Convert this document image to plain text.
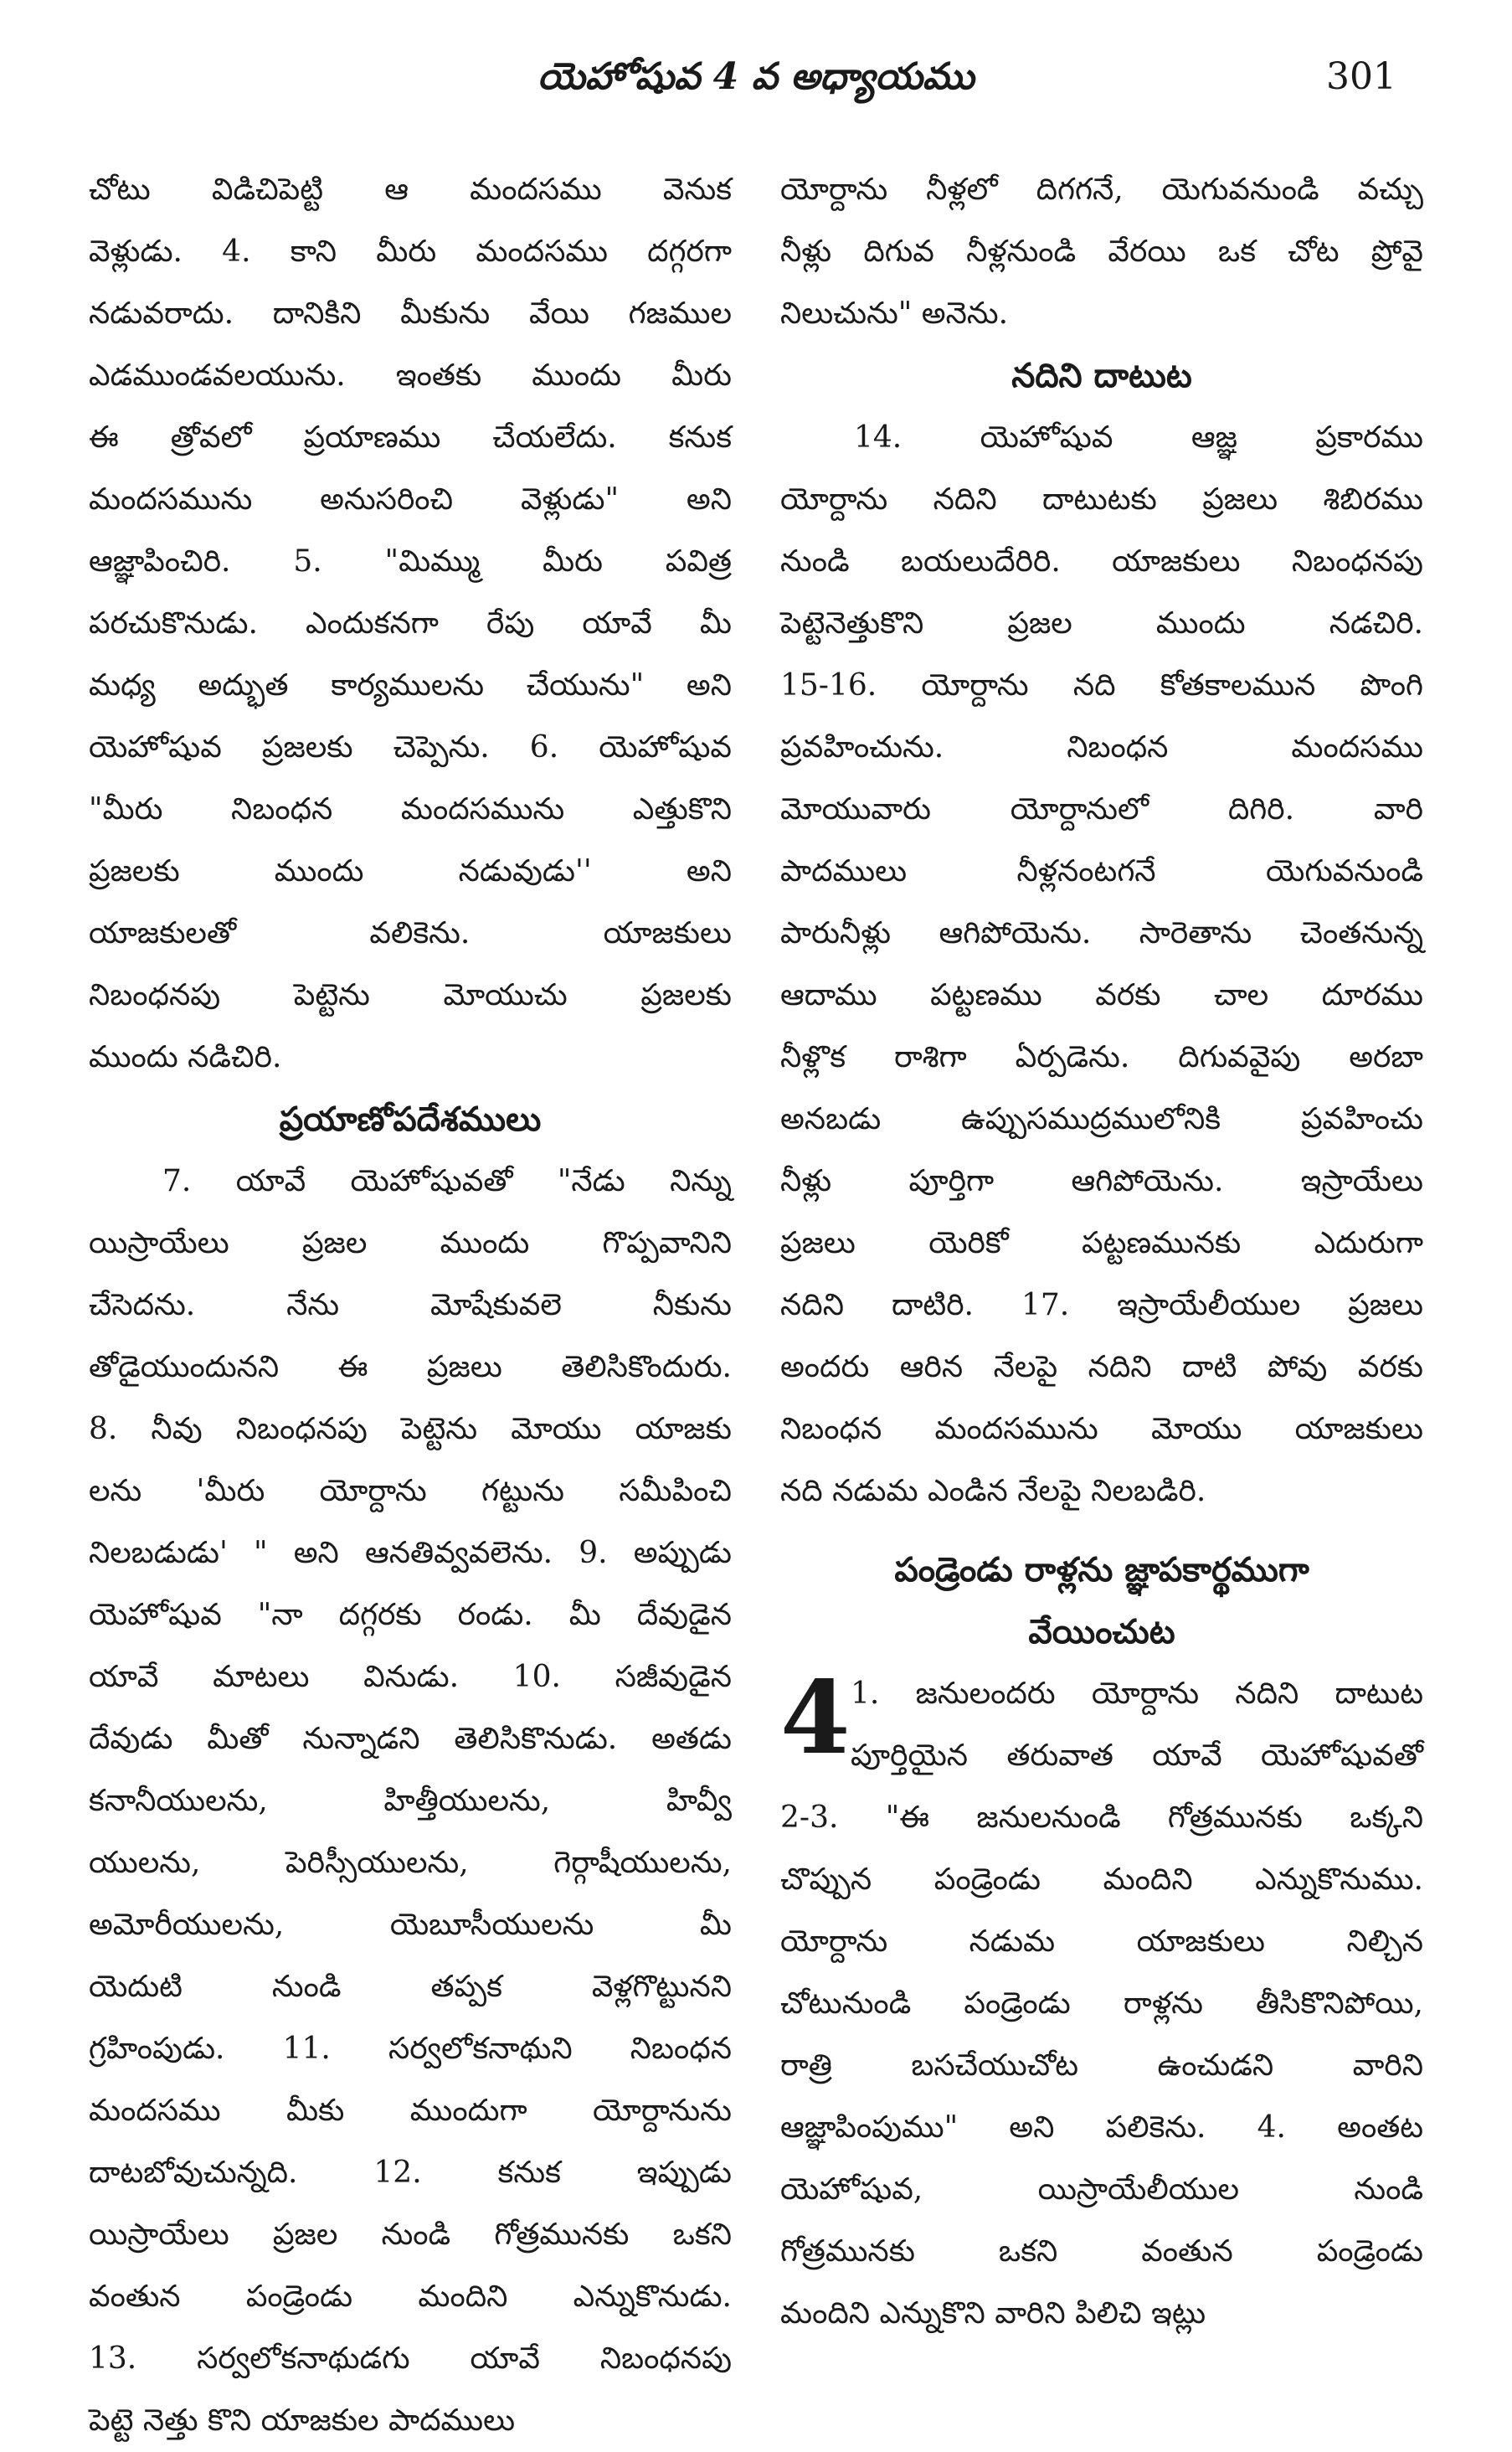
యెహోషువ 4 వ అధ్యాయము	301
చోటు విడిచిపెట్టి ఆ మందసము వెనుక
వెళ్లుడు. 4. కాని మీరు మందసము దగ్గరగా
నడువరాదు. దానికిని మీకును వేయి గజముల
ఎడముండవలయును. ఇంతకు ముందు మీరు
ఈ త్రోవలో ప్రయాణము చేయలేదు. కనుక
మందసమును అనుసరించి వెళ్లుడు" అని
ఆజ్ఞాపించిరి. 5. "మిమ్ము మీరు పవిత్ర
పరచుకొనుడు. ఎందుకనగా రేపు యావే మీ
మధ్య అద్భుత కార్యములను చేయును" అని
యెహోషువ ప్రజలకు చెప్పెను. 6. యెహోషువ
"మీరు నిబంధన మందసమును ఎత్తుకొని
ప్రజలకు ముందు నడువుడు'' అని
యాజకులతో వలికెను. యాజకులు
నిబంధనపు పెట్టెను మోయుచు ప్రజలకు
ముందు నడిచిరి.
ప్రయాణోపదేశములు
7. యావే యెహోషువతో "నేడు నిన్ను
యిస్రాయేలు ప్రజల ముందు గొప్పవానిని
చేసెదను. నేను మోషేకువలె నీకును
తోడైయుందునని ఈ ప్రజలు తెలిసికొందురు.
8. నీవు నిబంధనపు పెట్టెను మోయు యాజకు
లను 'మీరు యోర్దాను గట్టును సమీపించి
నిలబడుడు' " అని ఆనతివ్వవలెను. 9. అప్పుడు
యెహోషువ "నా దగ్గరకు రండు. మీ దేవుడైన
యావే మాటలు వినుడు. 10. సజీవుడైన
దేవుడు మీతో నున్నాడని తెలిసికొనుడు. అతడు
కనానీయులను, హిత్తీయులను, హివ్వీ
యులను, పెరిస్సీయులను, గెర్గాషీయులను,
అమోరీయులను, యెబూసీయులను మీ
యెదుటి నుండి తప్పక వెళ్లగొట్టునని
గ్రహింపుడు. 11. సర్వలోకనాథుని నిబంధన
మందసము మీకు ముందుగా యోర్దానును
దాటబోవుచున్నది. 12. కనుక ఇప్పుడు
యిస్రాయేలు ప్రజల నుండి గోత్రమునకు ఒకని
వంతున పండ్రెండు మందిని ఎన్నుకొనుడు.
13. సర్వలోకనాథుడగు యావే నిబంధనపు
పెట్టె నెత్తు కొని యాజకుల పాదములు
యోర్దాను నీళ్లలో దిగగనే, యెగువనుండి వచ్చు
నీళ్లు దిగువ నీళ్లనుండి వేరయి ఒక చోట ప్రోవై
నిలుచును" అనెను.
నదిని దాటుట
14. యెహోషువ ఆజ్ఞ ప్రకారము
యోర్దాను నదిని దాటుటకు ప్రజలు శిబిరము
నుండి బయలుదేరిరి. యాజకులు నిబంధనపు
పెట్టెనెత్తుకొని ప్రజల ముందు నడచిరి.
15-16. యోర్దాను నది కోతకాలమున పొంగి
ప్రవహించును. నిబంధన మందసము
మోయువారు యోర్దానులో దిగిరి. వారి
పాదములు నీళ్లనంటగనే యెగువనుండి
పారునీళ్లు ఆగిపోయెను. సారెతాను చెంతనున్న
ఆదాము పట్టణము వరకు చాల దూరము
నీళ్లొక రాశిగా ఏర్పడెను. దిగువవైపు అరబా
అనబడు ఉప్పుసముద్రములోనికి ప్రవహించు
నీళ్లు పూర్తిగా ఆగిపోయెను. ఇస్రాయేలు
ప్రజలు యెరికో పట్టణమునకు ఎదురుగా
నదిని దాటిరి. 17. ఇస్రాయేలీయుల ప్రజలు
అందరు ఆరిన నేలపై నదిని దాటి పోవు వరకు
నిబంధన మందసమును మోయు యాజకులు
నది నడుమ ఎండిన నేలపై నిలబడిరి.
పండ్రెండు రాళ్లను జ్ఞాపకార్థముగా
వేయించుట
4 1. జనులందరు యోర్దాను నదిని దాటుట
పూర్తియైన తరువాత యావే యెహోషువతో
2-3. "ఈ జనులనుండి గోత్రమునకు ఒక్కని
చొప్పున పండ్రెండు మందిని ఎన్నుకొనుము.
యోర్దాను నడుమ యాజకులు నిల్చిన
చోటునుండి పండ్రెండు రాళ్లను తీసికొనిపోయి,
రాత్రి బసచేయుచోట ఉంచుడని వారిని
ఆజ్ఞాపింపుము" అని పలికెను. 4. అంతట
యెహోషువ, యిస్రాయేలీయుల నుండి
గోత్రమునకు ఒకని వంతున పండ్రెండు
మందిని ఎన్నుకొని వారిని పిలిచి ఇట్లు
